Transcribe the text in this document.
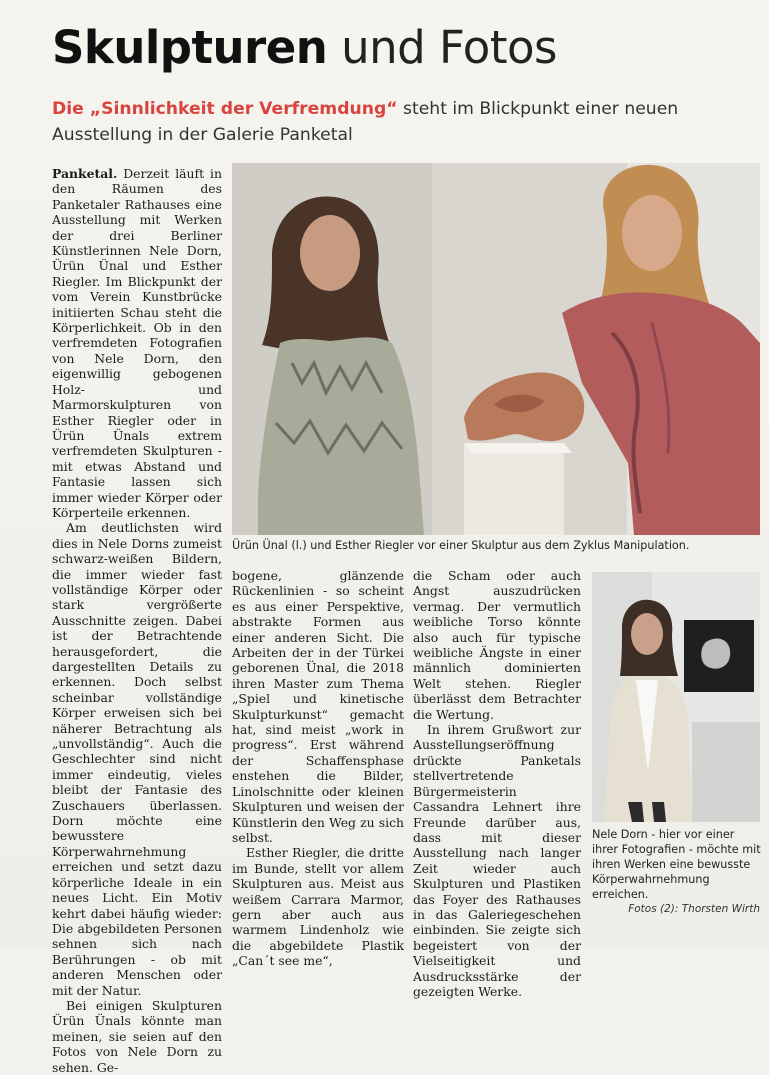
Skulpturen und Fotos
Die „Sinnlichkeit der Verfremdung“ steht im Blickpunkt einer neuen Ausstellung in der Galerie Panketal

Panketal. Derzeit läuft in den Räumen des Panketaler Rathauses eine Ausstellung mit Werken der drei Berliner Künstlerinnen Nele Dorn, Ürün Ünal und Esther Riegler. Im Blickpunkt der vom Verein Kunstbrücke initiierten Schau steht die Körperlichkeit. Ob in den verfremdeten Fotografien von Nele Dorn, den eigenwillig gebogenen Holz- und Marmorskulpturen von Esther Riegler oder in Ürün Ünals extrem verfremdeten Skulpturen - mit etwas Abstand und Fantasie lassen sich immer wieder Körper oder Körperteile erkennen.

Am deutlichsten wird dies in Nele Dorns zumeist schwarz-weißen Bildern, die immer wieder fast vollständige Körper oder stark vergrößerte Ausschnitte zeigen. Dabei ist der Betrachtende herausgefordert, die dargestellten Details zu erkennen. Doch selbst scheinbar vollständige Körper erweisen sich bei näherer Betrachtung als „unvollständig“. Auch die Geschlechter sind nicht immer eindeutig, vieles bleibt der Fantasie des Zuschauers überlassen. Dorn möchte eine bewusstere Körperwahrnehmung erreichen und setzt dazu körperliche Ideale in ein neues Licht. Ein Motiv kehrt dabei häufig wieder: Die abgebildeten Personen sehnen sich nach Berührungen - ob mit anderen Menschen oder mit der Natur.

Bei einigen Skulpturen Ürün Ünals könnte man meinen, sie seien auf den Fotos von Nele Dorn zu sehen. Ge-

Ürün Ünal (l.) und Esther Riegler vor einer Skulptur aus dem Zyklus Manipulation.

bogene, glänzende Rückenlinien - so scheint es aus einer Perspektive, abstrakte Formen aus einer anderen Sicht. Die Arbeiten der in der Türkei geborenen Ünal, die 2018 ihren Master zum Thema „Spiel und kinetische Skulpturkunst“ gemacht hat, sind meist „work in progress“. Erst während der Schaffensphase enstehen die Bilder, Linolschnitte oder kleinen Skulpturen und weisen der Künstlerin den Weg zu sich selbst.

Esther Riegler, die dritte im Bunde, stellt vor allem Skulpturen aus. Meist aus weißem Carrara Marmor, gern aber auch aus warmem Lindenholz wie die abgebildete Plastik „Can´t see me“,

die Scham oder auch Angst auszudrücken vermag. Der vermutlich weibliche Torso könnte also auch für typische weibliche Ängste in einer männlich dominierten Welt stehen. Riegler überlässt dem Betrachter die Wertung.

In ihrem Grußwort zur Ausstellungseröffnung drückte Panketals stellvertretende Bürgermeisterin Cassandra Lehnert ihre Freunde darüber aus, dass mit dieser Ausstellung nach langer Zeit wieder auch Skulpturen und Plastiken das Foyer des Rathauses in das Galeriegeschehen einbinden. Sie zeigte sich begeistert von der Vielseitigkeit und Ausdrucksstärke der gezeigten Werke.

Nele Dorn - hier vor einer ihrer Fotografien - möchte mit ihren Werken eine bewusste Körperwahrnehmung erreichen.
Fotos (2): Thorsten Wirth
